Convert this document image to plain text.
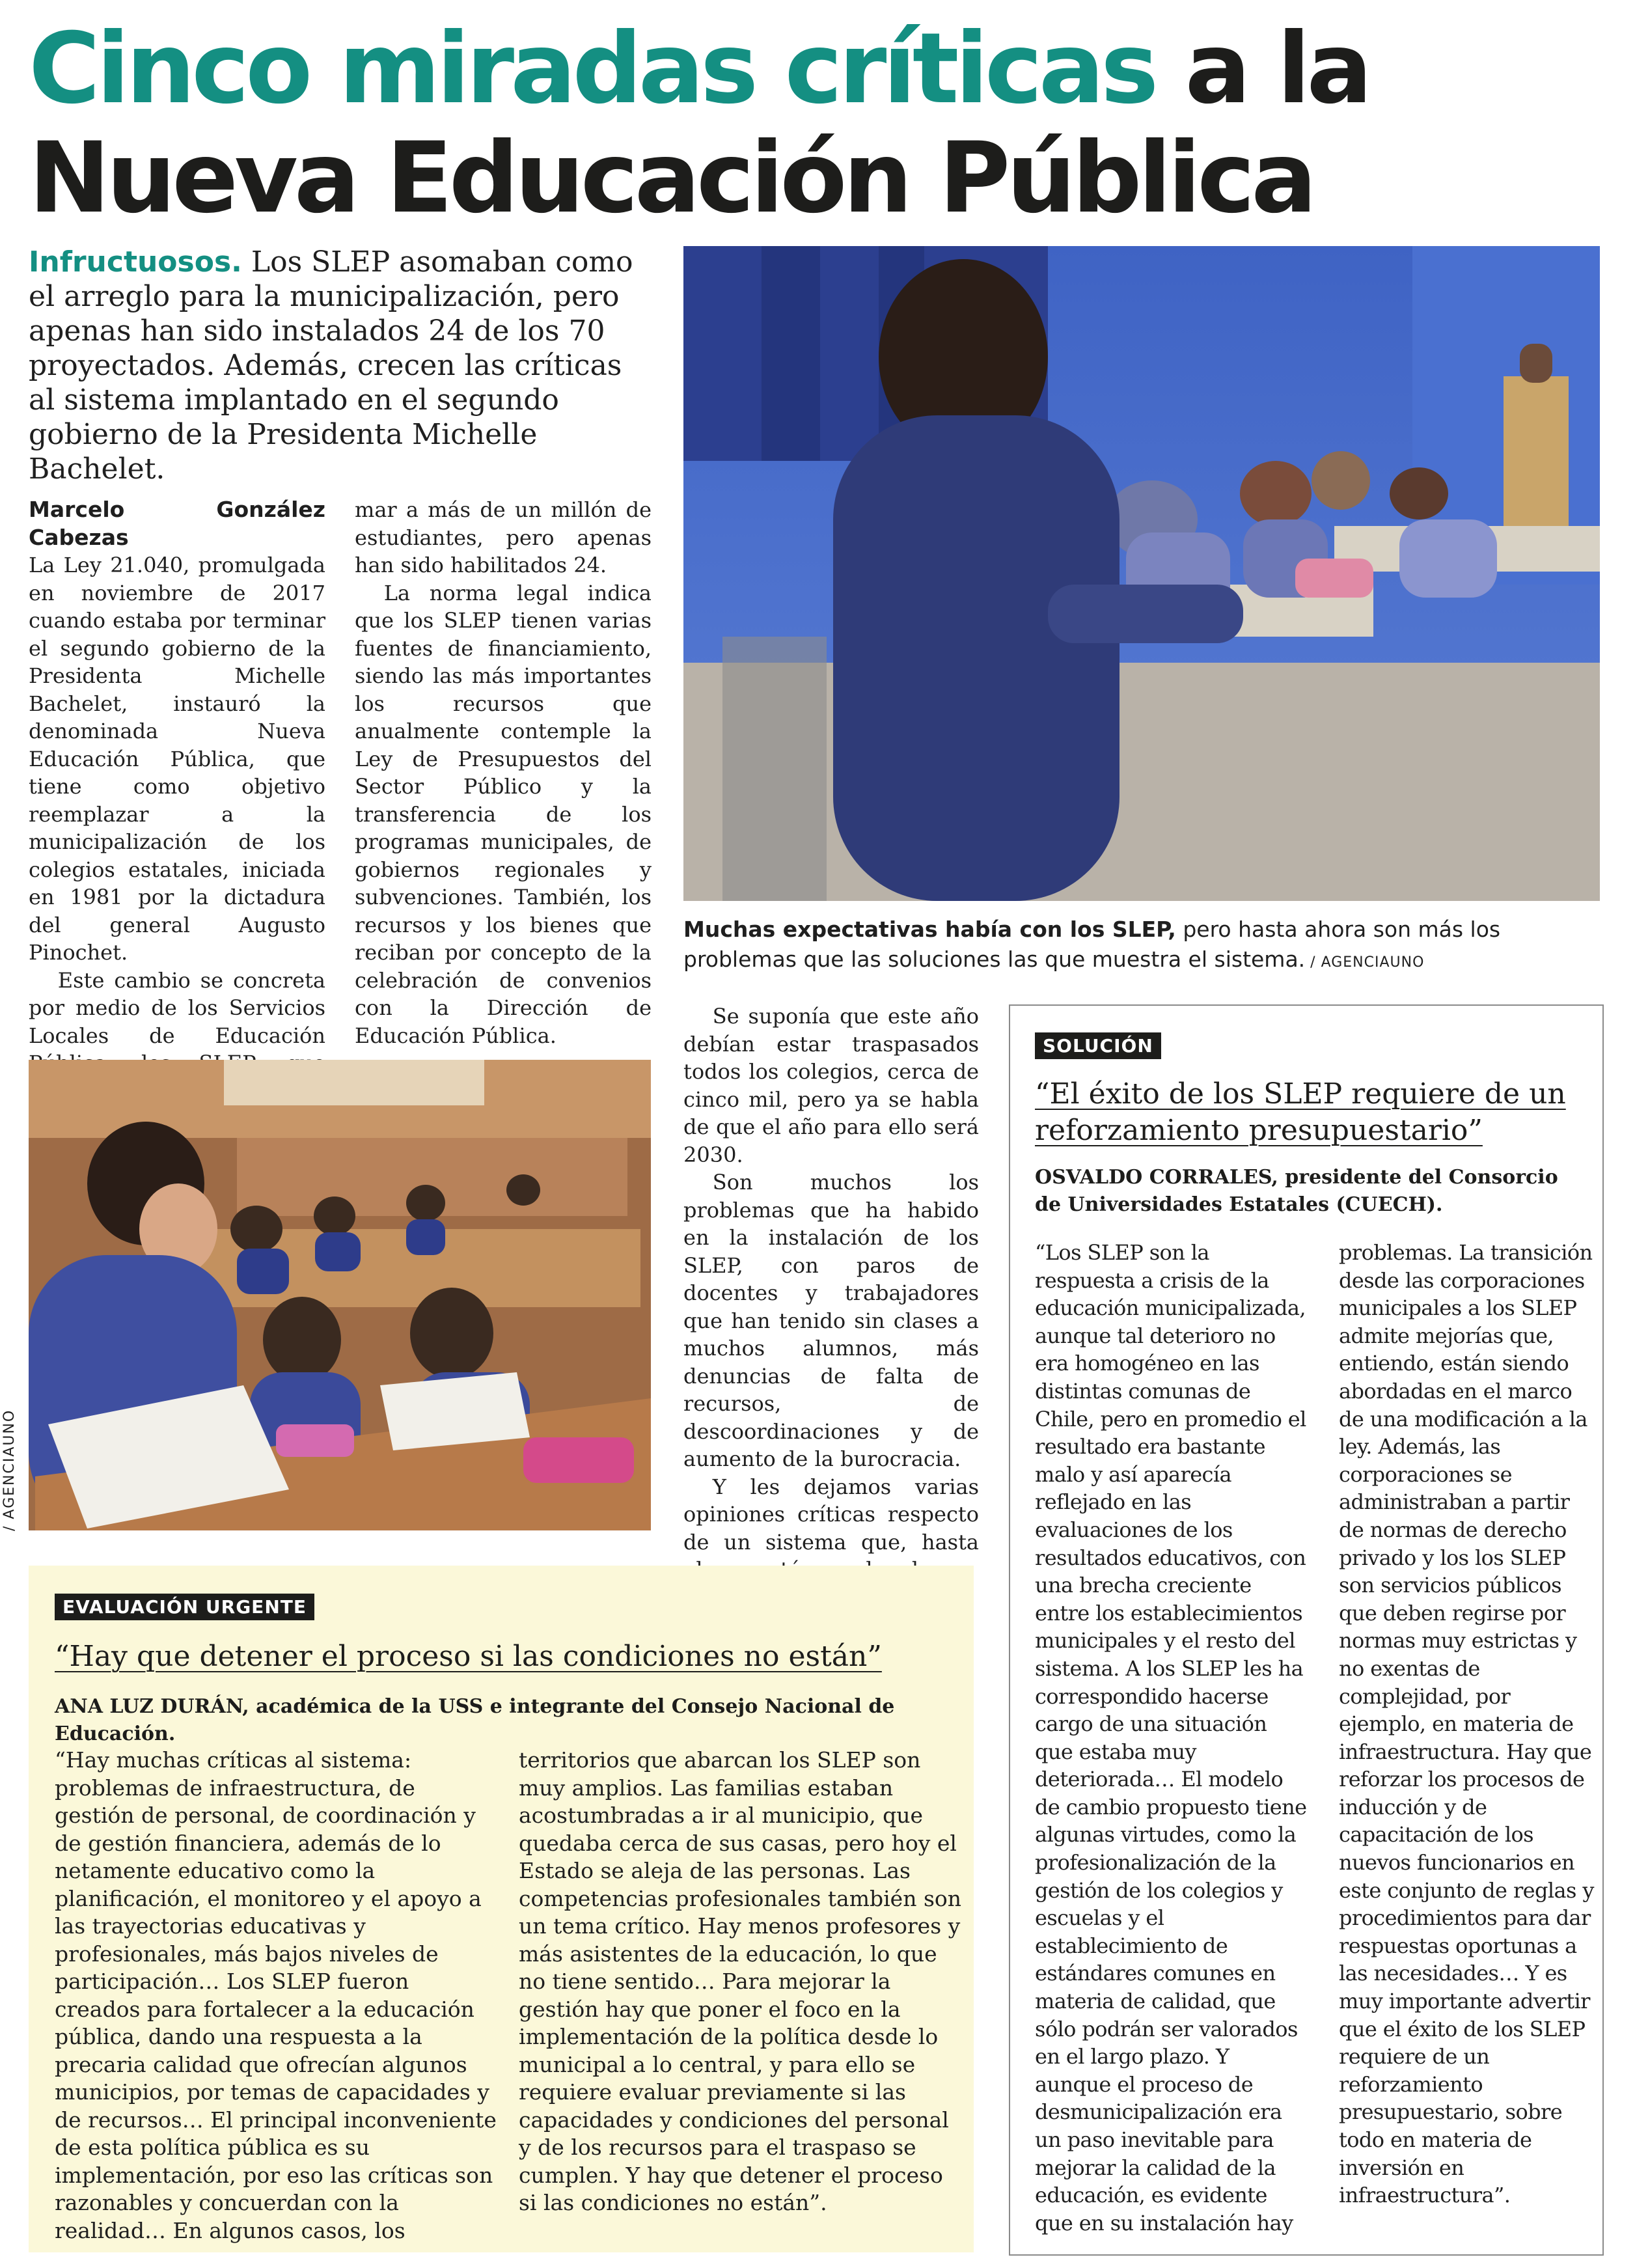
Cinco miradas críticas a la
Nueva Educación Pública
Infructuosos. Los SLEP asomaban como el arreglo para la municipalización, pero apenas han sido instalados 24 de los 70 proyectados. Además, crecen las críticas al sistema implantado en el segundo gobierno de la Presidenta Michelle Bachelet.
Marcelo González Cabezas

La Ley 21.040, promulgada en noviembre de 2017 cuando estaba por terminar el segundo gobierno de la Presidenta Michelle Bachelet, instauró la denominada Nueva Educación Pública, que tiene como objetivo reemplazar a la municipalización de los colegios estatales, iniciada en 1981 por la dictadura del general Augusto Pinochet.

Este cambio se concreta por medio de los Servicios Locales de Educación

mar a más de un millón de estudiantes, pero apenas han sido habilitados 24.

La norma legal indica que los SLEP tienen varias fuentes de financiamiento, siendo las más importantes los recursos que anualmente contemple la Ley de Presupuestos del Sector Público y la transferencia de los programas municipales, de gobiernos regionales y subvenciones. También, los recursos y los bienes que reciban por concepto de la celebración de convenios con la Dirección de Educación Pública.

Muchas expectativas había con los SLEP, pero hasta ahora son más los problemas que las soluciones las que muestra el sistema. / AGENCIAUNO
/ AGENCIAUNO

Se suponía que este año debían estar traspasados todos los colegios, cerca de cinco mil, pero ya se habla de que el año para ello será 2030.

Son muchos los problemas que ha habido en la instalación de los SLEP, con paros de docentes y trabajadores que han tenido sin clases a muchos alumnos, más denuncias de falta de recursos, de descoordinaciones y de aumento de la burocracia.

Y les dejamos varias opiniones críticas respecto de un sistema que, hasta

EVALUACIÓN URGENTE
“Hay que detener el proceso si las condiciones no están”
ANA LUZ DURÁN, académica de la USS e integrante del Consejo Nacional de Educación.
“Hay muchas críticas al sistema: problemas de infraestructura, de gestión de personal, de coordinación y de gestión financiera, además de lo netamente educativo como la planificación, el monitoreo y el apoyo a las trayectorias educativas y profesionales, más bajos niveles de participación… Los SLEP fueron creados para fortalecer a la educación pública, dando una respuesta a la precaria calidad que ofrecían algunos municipios, por temas de capacidades y de recursos… El principal inconveniente de esta política pública es su implementación, por eso las críticas son razonables y concuerdan con la realidad… En algunos casos, los
territorios que abarcan los SLEP son muy amplios. Las familias estaban acostumbradas a ir al municipio, que quedaba cerca de sus casas, pero hoy el Estado se aleja de las personas. Las competencias profesionales también son un tema crítico. Hay menos profesores y más asistentes de la educación, lo que no tiene sentido… Para mejorar la gestión hay que poner el foco en la implementación de la política desde lo municipal a lo central, y para ello se requiere evaluar previamente si las capacidades y condiciones del personal y de los recursos para el traspaso se cumplen. Y hay que detener el proceso si las condiciones no están”.
SOLUCIÓN
“El éxito de los SLEP requiere de un reforzamiento presupuestario”
OSVALDO CORRALES, presidente del Consorcio de Universidades Estatales (CUECH).
“Los SLEP son la respuesta a crisis de la educación municipalizada, aunque tal deterioro no era homogéneo en las distintas comunas de Chile, pero en promedio el resultado era bastante malo y así aparecía reflejado en las evaluaciones de los resultados educativos, con una brecha creciente entre los establecimientos municipales y el resto del sistema. A los SLEP les ha correspondido hacerse cargo de una situación que estaba muy deteriorada… El modelo de cambio propuesto tiene algunas virtudes, como la profesionalización de la gestión de los colegios y escuelas y el establecimiento de estándares comunes en materia de calidad, que sólo podrán ser valorados en el largo plazo. Y aunque el proceso de desmunicipalización era un paso inevitable para mejorar la calidad de la educación, es evidente que en su instalación hay
problemas. La transición desde las corporaciones municipales a los SLEP admite mejorías que, entiendo, están siendo abordadas en el marco de una modificación a la ley. Además, las corporaciones se administraban a partir de normas de derecho privado y los los SLEP son servicios públicos que deben regirse por normas muy estrictas y no exentas de complejidad, por ejemplo, en materia de infraestructura. Hay que reforzar los procesos de inducción y de capacitación de los nuevos funcionarios en este conjunto de reglas y procedimientos para dar respuestas oportunas a las necesidades… Y es muy importante advertir que el éxito de los SLEP requiere de un reforzamiento presupuestario, sobre todo en materia de inversión en infraestructura”.
